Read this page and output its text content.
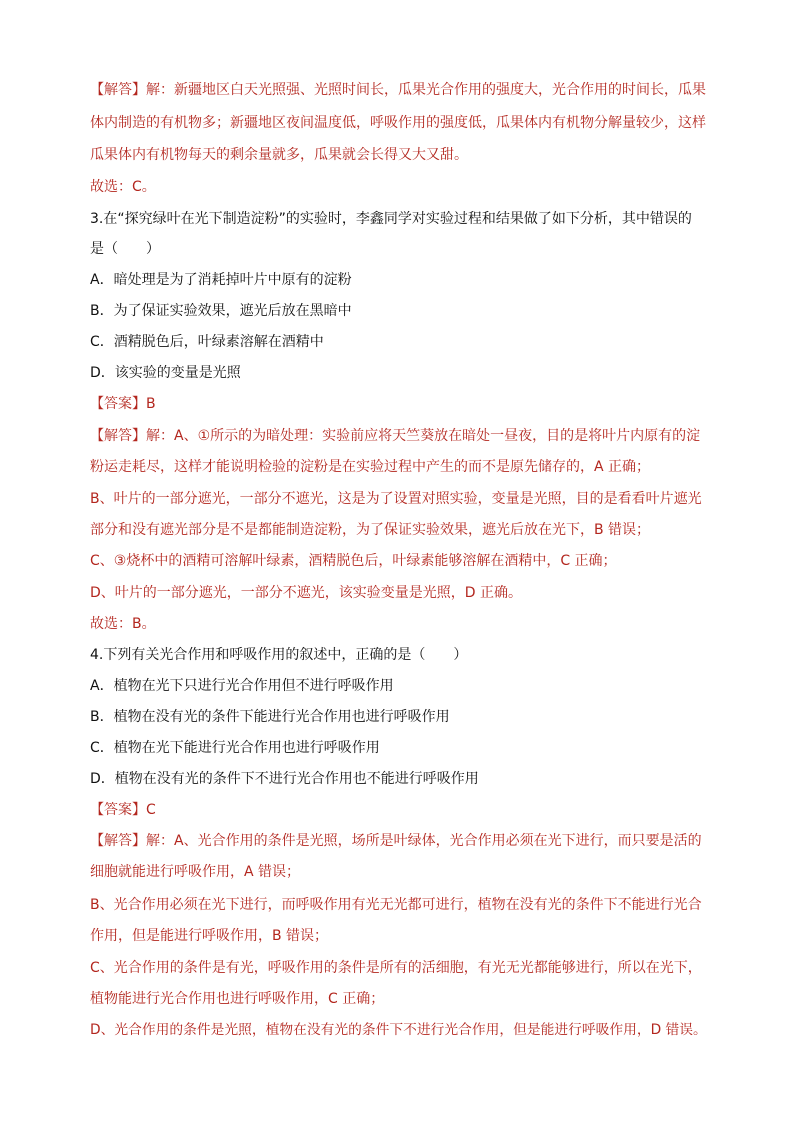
【解答】解：新疆地区白天光照强、光照时间长，瓜果光合作用的强度大，光合作用的时间长，瓜果
体内制造的有机物多；新疆地区夜间温度低，呼吸作用的强度低，瓜果体内有机物分解量较少，这样
瓜果体内有机物每天的剩余量就多，瓜果就会长得又大又甜。
故选：C。
3.在“探究绿叶在光下制造淀粉”的实验时，李鑫同学对实验过程和结果做了如下分析，其中错误的
是（　　）
A．暗处理是为了消耗掉叶片中原有的淀粉
B．为了保证实验效果，遮光后放在黑暗中
C．酒精脱色后，叶绿素溶解在酒精中
D．该实验的变量是光照
【答案】B
【解答】解：A、①所示的为暗处理：实验前应将天竺葵放在暗处一昼夜，目的是将叶片内原有的淀
粉运走耗尽，这样才能说明检验的淀粉是在实验过程中产生的而不是原先储存的，A 正确；
B、叶片的一部分遮光，一部分不遮光，这是为了设置对照实验，变量是光照，目的是看看叶片遮光
部分和没有遮光部分是不是都能制造淀粉，为了保证实验效果，遮光后放在光下，B 错误；
C、③烧杯中的酒精可溶解叶绿素，酒精脱色后，叶绿素能够溶解在酒精中，C 正确；
D、叶片的一部分遮光，一部分不遮光，该实验变量是光照，D 正确。
故选：B。
4.下列有关光合作用和呼吸作用的叙述中，正确的是（　　）
A．植物在光下只进行光合作用但不进行呼吸作用
B．植物在没有光的条件下能进行光合作用也进行呼吸作用
C．植物在光下能进行光合作用也进行呼吸作用
D．植物在没有光的条件下不进行光合作用也不能进行呼吸作用
【答案】C
【解答】解：A、光合作用的条件是光照，场所是叶绿体，光合作用必须在光下进行，而只要是活的
细胞就能进行呼吸作用，A 错误；
B、光合作用必须在光下进行，而呼吸作用有光无光都可进行，植物在没有光的条件下不能进行光合
作用，但是能进行呼吸作用，B 错误；
C、光合作用的条件是有光，呼吸作用的条件是所有的活细胞，有光无光都能够进行，所以在光下，
植物能进行光合作用也进行呼吸作用，C 正确；
D、光合作用的条件是光照，植物在没有光的条件下不进行光合作用，但是能进行呼吸作用，D 错误。
